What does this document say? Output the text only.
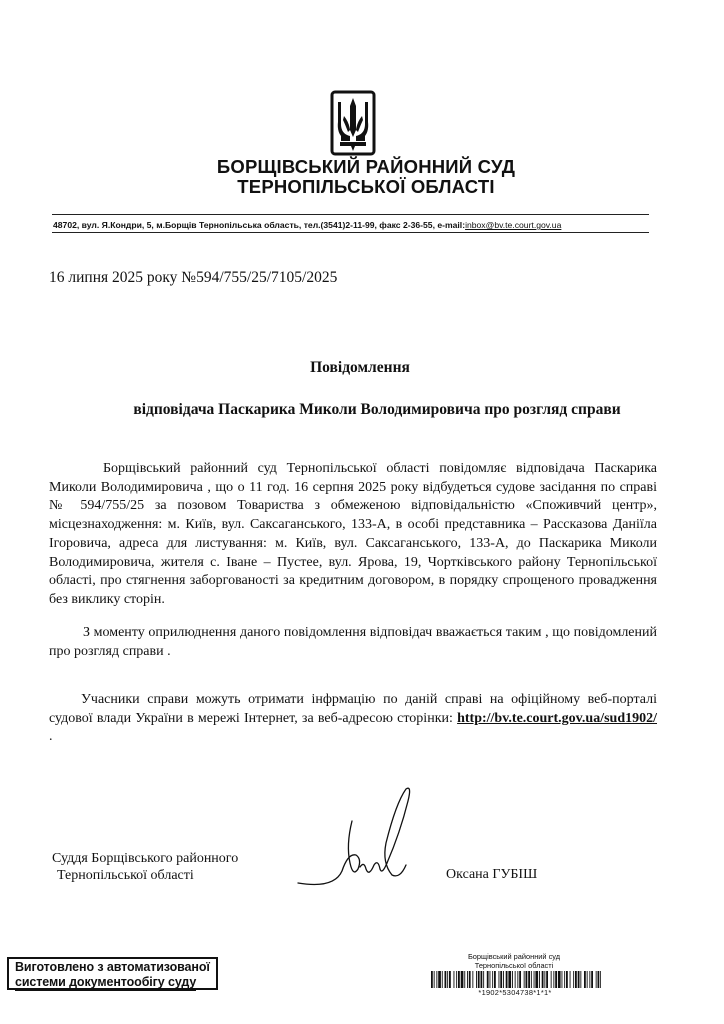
БОРЩІВСЬКИЙ РАЙОННИЙ СУД
ТЕРНОПІЛЬСЬКОЇ ОБЛАСТІ
48702, вул. Я.Кондри, 5, м.Борщів Тернопільська область, тел.(3541)2-11-99, факс 2-36-55, e-mail:inbox@bv.te.court.gov.ua
16 липня 2025 року №594/755/25/7105/2025
Повідомлення
відповідача Паскарика Миколи Володимировича про розгляд справи

Борщівський районний суд Тернопільської області повідомляє відповідача Паскарика Миколи Володимировича , що о 11 год. 16 серпня 2025 року відбудеться судове засідання по справі № 594/755/25 за позовом Товариства з обмеженою відповідальністю «Споживчий центр», місцезнаходження: м. Київ, вул. Саксаганського, 133-А, в особі представника – Рассказова Даніїла Ігоровича, адреса для листування: м. Київ, вул. Саксаганського, 133-А, до Паскарика Миколи Володимировича, жителя с. Іване – Пустее, вул. Ярова, 19, Чортківського району Тернопільської області, про стягнення заборгованості за кредитним договором, в порядку спрощеного провадження без виклику сторін.

З моменту оприлюднення даного повідомлення відповідач вважається таким , що повідомлений про розгляд справи .

Учасники справи можуть отримати інфрмацію по даній справі на офіційному веб-порталі судової влади України в мережі Інтернет, за веб-адресою сторінки: http://bv.te.court.gov.ua/sud1902/ .

Суддя Борщівського районного
Тернопільської області	Оксана ГУБІШ
Виготовлено з автоматизованої
системи документообігу суду
Борщівський районний суд
Тернопільської області
*1902*5304738*1*1*
